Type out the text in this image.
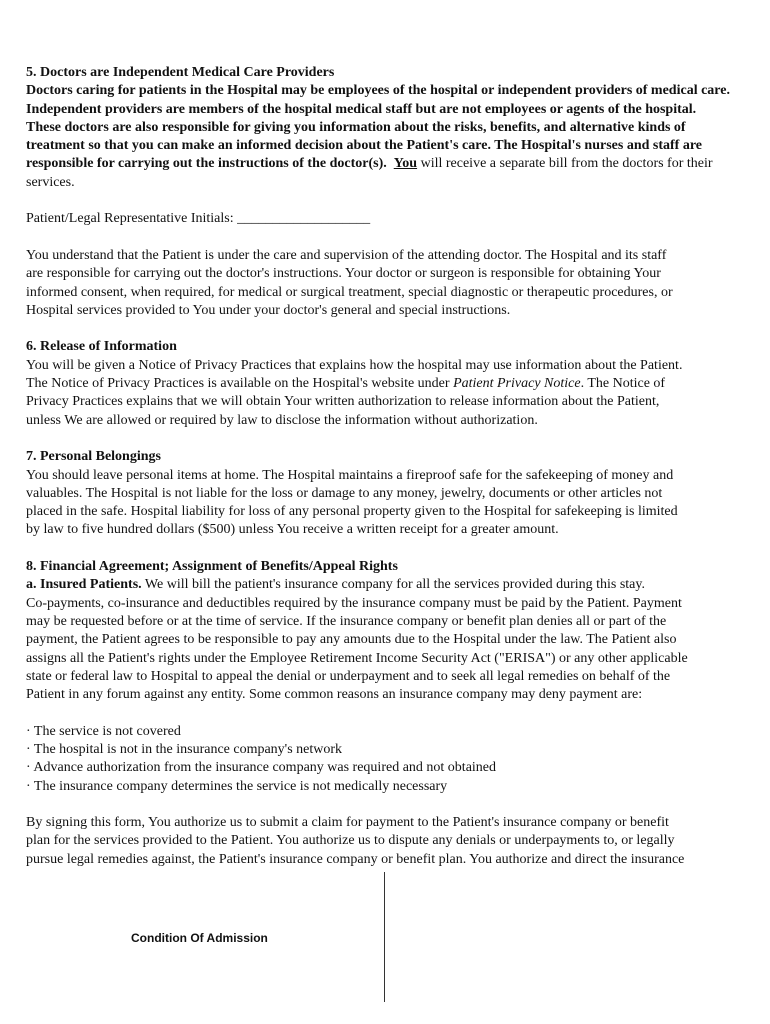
5. Doctors are Independent Medical Care Providers

Doctors caring for patients in the Hospital may be employees of the hospital or independent providers of medical care.

Independent providers are members of the hospital medical staff but are not employees or agents of the hospital.

These doctors are also responsible for giving you information about the risks, benefits, and alternative kinds of

treatment so that you can make an informed decision about the Patient's care. The Hospital's nurses and staff are

responsible for carrying out the instructions of the doctor(s). You will receive a separate bill from the doctors for their

services.

Patient/Legal Representative Initials: ___________________

You understand that the Patient is under the care and supervision of the attending doctor. The Hospital and its staff

are responsible for carrying out the doctor's instructions. Your doctor or surgeon is responsible for obtaining Your

informed consent, when required, for medical or surgical treatment, special diagnostic or therapeutic procedures, or

Hospital services provided to You under your doctor's general and special instructions.

6. Release of Information

You will be given a Notice of Privacy Practices that explains how the hospital may use information about the Patient.

The Notice of Privacy Practices is available on the Hospital's website under Patient Privacy Notice. The Notice of

Privacy Practices explains that we will obtain Your written authorization to release information about the Patient,

unless We are allowed or required by law to disclose the information without authorization.

7. Personal Belongings

You should leave personal items at home. The Hospital maintains a fireproof safe for the safekeeping of money and

valuables. The Hospital is not liable for the loss or damage to any money, jewelry, documents or other articles not

placed in the safe. Hospital liability for loss of any personal property given to the Hospital for safekeeping is limited

by law to five hundred dollars ($500) unless You receive a written receipt for a greater amount.

8. Financial Agreement; Assignment of Benefits/Appeal Rights

a. Insured Patients. We will bill the patient's insurance company for all the services provided during this stay.

Co-payments, co-insurance and deductibles required by the insurance company must be paid by the Patient. Payment

may be requested before or at the time of service. If the insurance company or benefit plan denies all or part of the

payment, the Patient agrees to be responsible to pay any amounts due to the Hospital under the law. The Patient also

assigns all the Patient's rights under the Employee Retirement Income Security Act ("ERISA") or any other applicable

state or federal law to Hospital to appeal the denial or underpayment and to seek all legal remedies on behalf of the

Patient in any forum against any entity. Some common reasons an insurance company may deny payment are:

· The service is not covered

· The hospital is not in the insurance company's network

· Advance authorization from the insurance company was required and not obtained

· The insurance company determines the service is not medically necessary

By signing this form, You authorize us to submit a claim for payment to the Patient's insurance company or benefit

plan for the services provided to the Patient. You authorize us to dispute any denials or underpayments to, or legally

pursue legal remedies against, the Patient's insurance company or benefit plan. You authorize and direct the insurance

Condition Of Admission
